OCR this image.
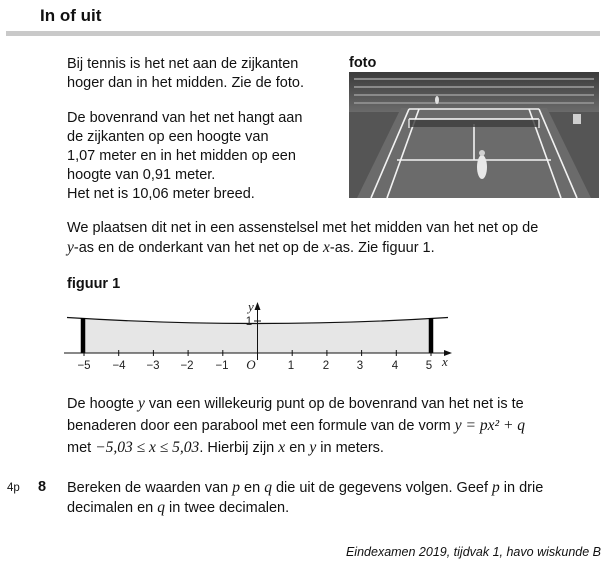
In of uit
Bij tennis is het net aan de zijkanten
hoger dan in het midden. Zie de foto.
De bovenrand van het net hangt aan
de zijkanten op een hoogte van
1,07 meter en in het midden op een
hoogte van 0,91 meter.
Het net is 10,06 meter breed.
foto
We plaatsen dit net in een assenstelsel met het midden van het net op de
y-as en de onderkant van het net op de x-as. Zie figuur 1.
figuur 1
−5 −4 −3 −2 −1 O	1 2 3 4 5
1
x
y
De hoogte y van een willekeurig punt op de bovenrand van het net is te
benaderen door een parabool met een formule van de vorm y = px² + q
met −5,03 ≤ x ≤ 5,03. Hierbij zijn x en y in meters.
4p 8 Bereken de waarden van p en q die uit de gegevens volgen. Geef p in drie
decimalen en q in twee decimalen.
Eindexamen 2019, tijdvak 1, havo wiskunde B
